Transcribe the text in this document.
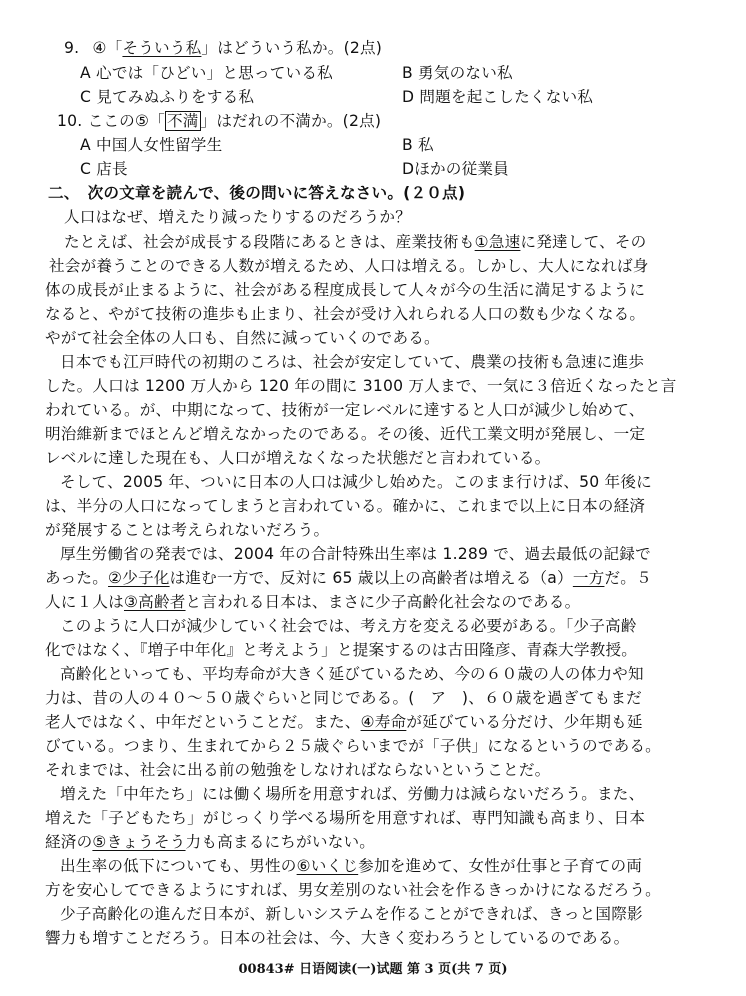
9. ④「そういう私」はどういう私か。(2点)
A 心では「ひどい」と思っている私	B 勇気のない私
C 見てみぬふりをする私	D 問題を起こしたくない私
10. ここの⑤「 不満 」はだれの不満か。(2点)
A 中国人女性留学生	B 私
C 店長	Dほかの従業員
二、　次の文章を読んで、後の問いに答えなさい。(２０点)
人口はなぜ、増えたり減ったりするのだろうか？
たとえば、社会が成長する段階にあるときは、産業技術も①急速に発達して、その
社会が養うことのできる人数が増えるため、人口は増える。しかし、大人になれば身
体の成長が止まるように、社会がある程度成長して人々が今の生活に満足するように
なると、やがて技術の進歩も止まり、社会が受け入れられる人口の数も少なくなる。
やがて社会全体の人口も、自然に減っていくのである。
日本でも江戸時代の初期のころは、社会が安定していて、農業の技術も急速に進歩
した。人口は 1200 万人から 120 年の間に 3100 万人まで、一気に３倍近くなったと言
われている。が、中期になって、技術が一定レベルに達すると人口が減少し始めて、
明治維新までほとんど増えなかったのである。その後、近代工業文明が発展し、一定
レベルに達した現在も、人口が増えなくなった状態だと言われている。
そして、2005 年、ついに日本の人口は減少し始めた。このまま行けば、50 年後に
は、半分の人口になってしまうと言われている。確かに、これまで以上に日本の経済
が発展することは考えられないだろう。
厚生労働省の発表では、2004 年の合計特殊出生率は 1.289 で、過去最低の記録で
あった。②少子化は進む一方で、反対に 65 歳以上の高齢者は増える（a）一方だ。５
人に１人は③高齢者と言われる日本は、まさに少子高齢化社会なのである。
このように人口が減少していく社会では、考え方を変える必要がある。「少子高齢
化ではなく、『増子中年化』と考えよう」と提案するのは古田隆彦、青森大学教授。
高齢化といっても、平均寿命が大きく延びているため、今の６０歳の人の体力や知
力は、昔の人の４０～５０歳ぐらいと同じである。(　ア　)、６０歳を過ぎてもまだ
老人ではなく、中年だということだ。また、④寿命が延びている分だけ、少年期も延
びている。つまり、生まれてから２５歳ぐらいまでが「子供」になるというのである。
それまでは、社会に出る前の勉強をしなければならないということだ。
増えた「中年たち」には働く場所を用意すれば、労働力は減らないだろう。また、
増えた「子どもたち」がじっくり学べる場所を用意すれば、専門知識も高まり、日本
経済の⑤きょうそう力も高まるにちがいない。
出生率の低下についても、男性の⑥いくじ参加を進めて、女性が仕事と子育ての両
方を安心してできるようにすれば、男女差別のない社会を作るきっかけになるだろう。
少子高齢化の進んだ日本が、新しいシステムを作ることができれば、きっと国際影
響力も増すことだろう。日本の社会は、今、大きく変わろうとしているのである。
00843# 日语阅读(一)试题 第 3 页(共 7 页)
